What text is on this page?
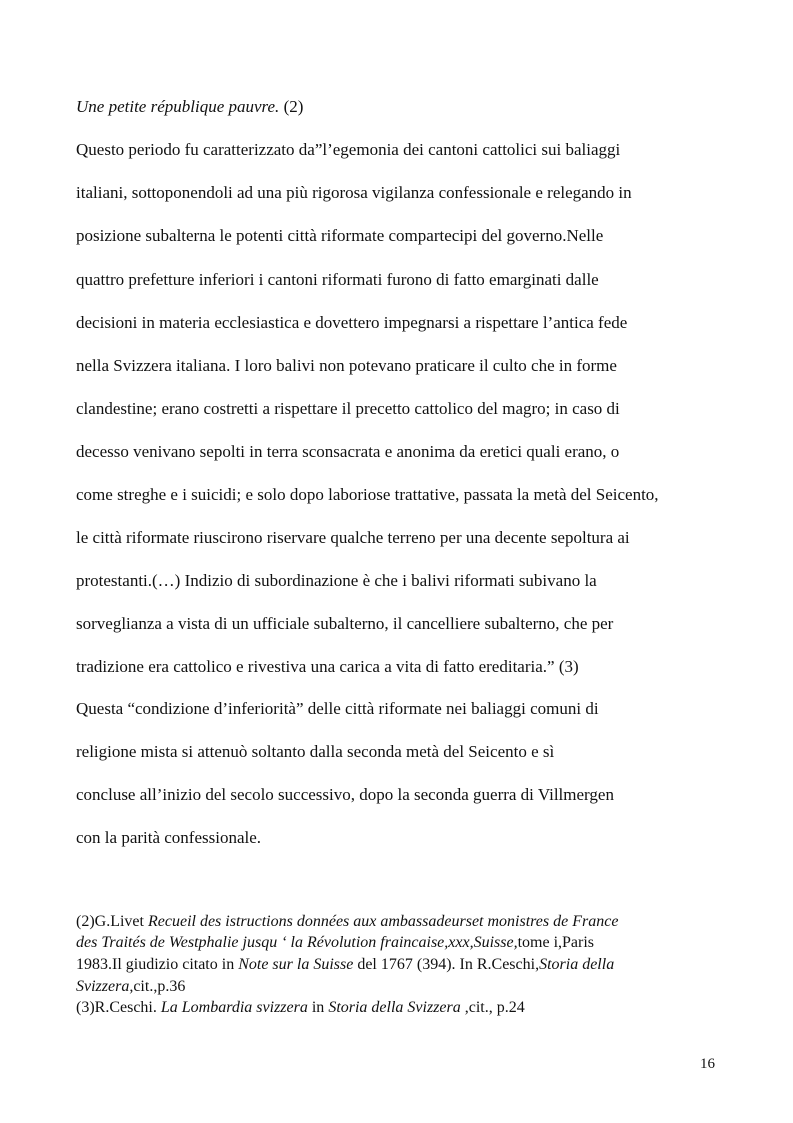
Une petite république pauvre. (2)
Questo periodo fu caratterizzato da”l’egemonia dei cantoni cattolici sui baliaggi
italiani, sottoponendoli ad una più rigorosa vigilanza confessionale e relegando in
posizione subalterna le potenti città riformate compartecipi del governo.Nelle
quattro prefetture inferiori i cantoni riformati furono di fatto emarginati dalle
decisioni in materia ecclesiastica e dovettero impegnarsi a rispettare l’antica fede
nella Svizzera italiana. I loro balivi non potevano praticare il culto che in forme
clandestine; erano costretti a rispettare il precetto cattolico del magro; in caso di
decesso venivano sepolti in terra sconsacrata e anonima da eretici quali erano, o
come streghe e i suicidi; e solo dopo laboriose trattative, passata la metà del Seicento,
le città riformate riuscirono riservare qualche terreno per una decente sepoltura ai
protestanti.(…) Indizio di subordinazione è che i balivi riformati subivano la
sorveglianza a vista di un ufficiale subalterno, il cancelliere subalterno, che per
tradizione era cattolico e rivestiva una carica a vita di fatto ereditaria.” (3)
Questa “condizione d’inferiorità” delle città riformate nei baliaggi comuni di
religione mista si attenuò soltanto dalla seconda metà del Seicento e sì
concluse all’inizio del secolo successivo, dopo la seconda guerra di Villmergen
con la parità confessionale.
(2)G.Livet Recueil des istructions données aux ambassadeurset monistres de France
des Traités de Westphalie jusqu ‘ la Révolution fraincaise,xxx,Suisse,tome i,Paris
1983.Il giudizio citato in Note sur la Suisse del 1767 (394). In R.Ceschi,Storia della
Svizzera,cit.,p.36
(3)R.Ceschi. La Lombardia svizzera in Storia della Svizzera ,cit., p.24
16
